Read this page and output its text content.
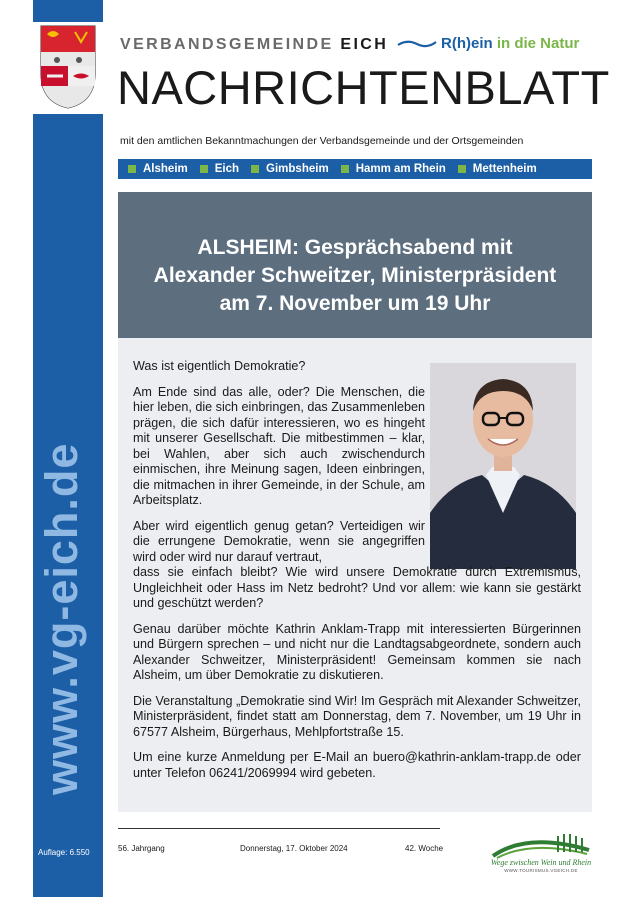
www.vg-eich.de
Auflage: 6.550
VERBANDSGEMEINDE EICH	R(h)ein in die Natur
NACHRICHTENBLATT
mit den amtlichen Bekanntmachungen der Verbandsgemeinde und der Ortsgemeinden
Alsheim Eich Gimbsheim Hamm am Rhein Mettenheim
ALSHEIM: Gesprächsabend mit
Alexander Schweitzer, Ministerpräsident
am 7. November um 19 Uhr

Was ist eigentlich Demokratie?

Am Ende sind das alle, oder? Die Menschen, die hier leben, die sich einbringen, das Zusammenleben prägen, die sich dafür interessieren, wo es hingeht mit unserer Gesellschaft. Die mitbestimmen – klar, bei Wahlen, aber sich auch zwischendurch einmischen, ihre Meinung sagen, Ideen einbringen, die mitmachen in ihrer Gemeinde, in der Schule, am Arbeitsplatz.

Aber wird eigentlich genug getan? Verteidigen wir die errungene Demokratie, wenn sie angegriffen wird oder wird nur darauf vertraut,

dass sie einfach bleibt? Wie wird unsere Demokratie durch Extremismus, Ungleichheit oder Hass im Netz bedroht? Und vor allem: wie kann sie gestärkt und geschützt werden?

Genau darüber möchte Kathrin Anklam-Trapp mit interessierten Bürgerinnen und Bürgern sprechen – und nicht nur die Landtagsabgeordnete, sondern auch Alexander Schweitzer, Ministerpräsident! Gemeinsam kommen sie nach Alsheim, um über Demokratie zu diskutieren.

Die Veranstaltung „Demokratie sind Wir! Im Gespräch mit Alexander Schweitzer, Ministerpräsident, findet statt am Donnerstag, dem 7. November, um 19 Uhr in 67577 Alsheim, Bürgerhaus, Mehlpfortstraße 15.

Um eine kurze Anmeldung per E-Mail an buero@kathrin-anklam-trapp.de oder unter Telefon 06241/2069994 wird gebeten.

56. Jahrgang	Donnerstag, 17. Oktober 2024	42. Woche
Wege zwischen Wein und Rhein
WWW.TOURISMUS.VGEICH.DE
